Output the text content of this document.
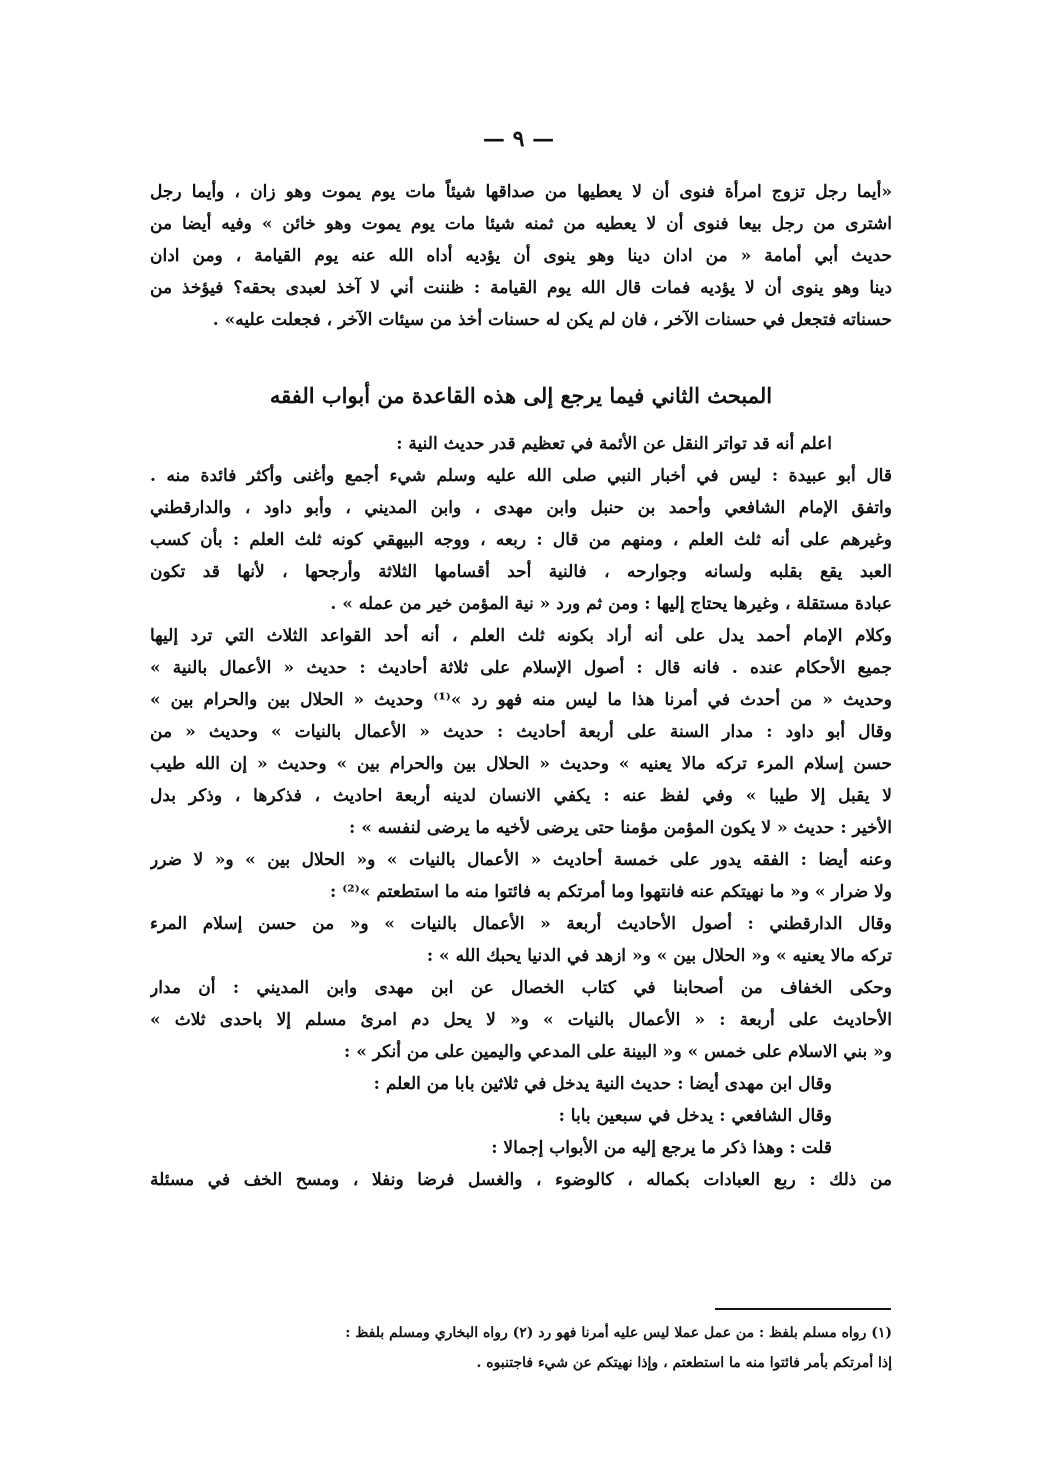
— ٩ —
«أيما رجل تزوج امرأة فنوى أن لا يعطيها من صداقها شيئاً مات يوم يموت وهو زان ، وأيما رجل
اشترى من رجل بيعا فنوى أن لا يعطيه من ثمنه شيئا مات يوم يموت وهو خائن » وفيه أيضا من
حديث أبي أمامة « من ادان دينا وهو ينوى أن يؤديه أداه الله عنه يوم القيامة ، ومن ادان
دينا وهو ينوى أن لا يؤديه فمات قال الله يوم القيامة : ظننت أني لا آخذ لعبدى بحقه؟ فيؤخذ من
حسناته فتجعل في حسنات الآخر ، فان لم يكن له حسنات أخذ من سيئات الآخر ، فجعلت عليه» .
المبحث الثاني فيما يرجع إلى هذه القاعدة من أبواب الفقه
اعلم أنه قد تواتر النقل عن الأئمة في تعظيم قدر حديث النية :
قال أبو عبيدة : ليس في أخبار النبي صلى الله عليه وسلم شيء أجمع وأغنى وأكثر فائدة منه .
واتفق الإمام الشافعي وأحمد بن حنبل وابن مهدى ، وابن المديني ، وأبو داود ، والدارقطني
وغيرهم على أنه ثلث العلم ، ومنهم من قال : ربعه ، ووجه البيهقي كونه ثلث العلم : بأن كسب
العبد يقع بقلبه ولسانه وجوارحه ، فالنية أحد أقسامها الثلاثة وأرجحها ، لأنها قد تكون
عبادة مستقلة ، وغيرها يحتاج إليها : ومن ثم ورد « نية المؤمن خير من عمله » .
وكلام الإمام أحمد يدل على أنه أراد بكونه ثلث العلم ، أنه أحد القواعد الثلاث التي ترد إليها
جميع الأحكام عنده . فانه قال : أصول الإسلام على ثلاثة أحاديث : حديث « الأعمال بالنية »
وحديث « من أحدث في أمرنا هذا ما ليس منه فهو رد »⁽¹⁾ وحديث « الحلال بين والحرام بين »
وقال أبو داود : مدار السنة على أربعة أحاديث : حديث « الأعمال بالنيات » وحديث « من
حسن إسلام المرء تركه مالا يعنيه » وحديث « الحلال بين والحرام بين » وحديث « إن الله طيب
لا يقبل إلا طيبا » وفي لفظ عنه : يكفي الانسان لدينه أربعة احاديث ، فذكرها ، وذكر بدل
الأخير : حديث « لا يكون المؤمن مؤمنا حتى يرضى لأخيه ما يرضى لنفسه » :
وعنه أيضا : الفقه يدور على خمسة أحاديث « الأعمال بالنيات » و« الحلال بين » و« لا ضرر
ولا ضرار » و« ما نهيتكم عنه فانتهوا وما أمرتكم به فائتوا منه ما استطعتم »⁽²⁾ :
وقال الدارقطني : أصول الأحاديث أربعة « الأعمال بالنيات » و« من حسن إسلام المرء
تركه مالا يعنيه » و« الحلال بين » و« ازهد في الدنيا يحبك الله » :
وحكى الخفاف من أصحابنا في كتاب الخصال عن ابن مهدى وابن المديني : أن مدار
الأحاديث على أربعة : « الأعمال بالنيات » و« لا يحل دم امرئ مسلم إلا باحدى ثلاث »
و« بني الاسلام على خمس » و« البينة على المدعي واليمين على من أنكر » :
وقال ابن مهدى أيضا : حديث النية يدخل في ثلاثين بابا من العلم :
وقال الشافعي : يدخل في سبعين بابا :
قلت : وهذا ذكر ما يرجع إليه من الأبواب إجمالا :
من ذلك : ربع العبادات بكماله ، كالوضوء ، والغسل فرضا ونفلا ، ومسح الخف في مسئلة
(١) رواه مسلم بلفظ : من عمل عملا ليس عليه أمرنا فهو رد (٢) رواه البخاري ومسلم بلفظ :
إذا أمرتكم بأمر فائتوا منه ما استطعتم ، وإذا نهيتكم عن شيء فاجتنبوه .
